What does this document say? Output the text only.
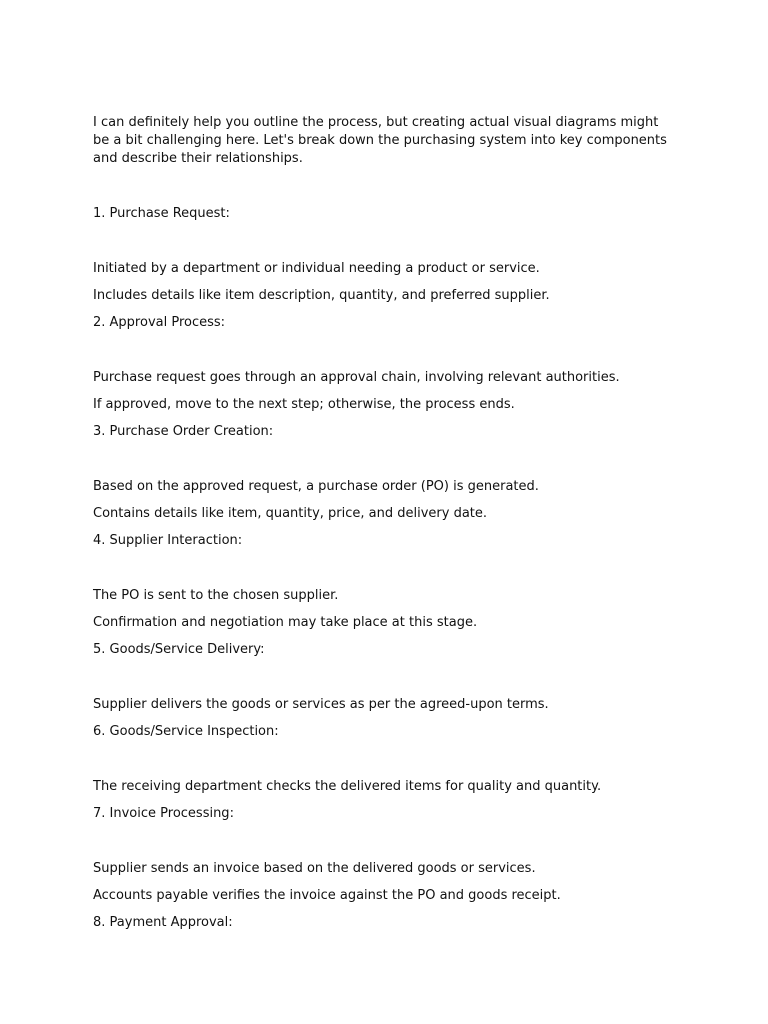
I can definitely help you outline the process, but creating actual visual diagrams might be a bit challenging here. Let's break down the purchasing system into key components and describe their relationships.

1. Purchase Request:

Initiated by a department or individual needing a product or service.

Includes details like item description, quantity, and preferred supplier.

2. Approval Process:

Purchase request goes through an approval chain, involving relevant authorities.

If approved, move to the next step; otherwise, the process ends.

3. Purchase Order Creation:

Based on the approved request, a purchase order (PO) is generated.

Contains details like item, quantity, price, and delivery date.

4. Supplier Interaction:

The PO is sent to the chosen supplier.

Confirmation and negotiation may take place at this stage.

5. Goods/Service Delivery:

Supplier delivers the goods or services as per the agreed-upon terms.

6. Goods/Service Inspection:

The receiving department checks the delivered items for quality and quantity.

7. Invoice Processing:

Supplier sends an invoice based on the delivered goods or services.

Accounts payable verifies the invoice against the PO and goods receipt.

8. Payment Approval:
